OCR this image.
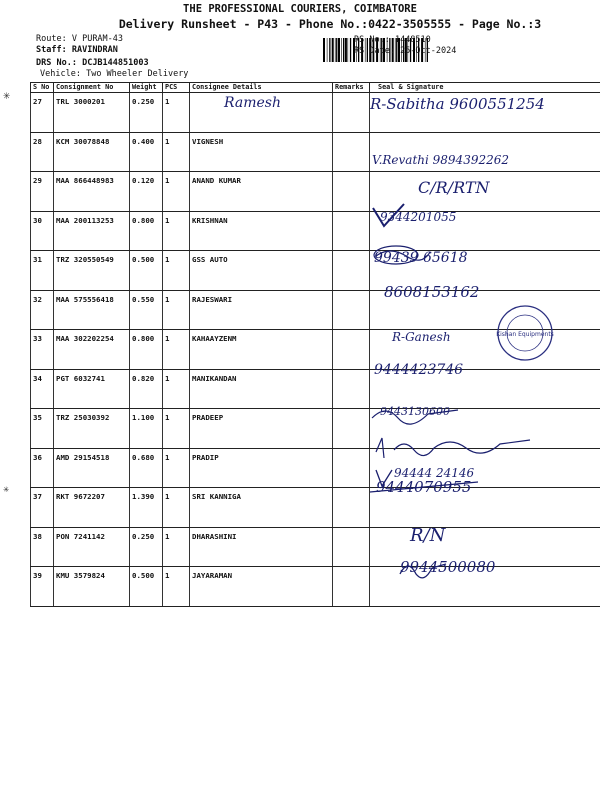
THE PROFESSIONAL COURIERS, COIMBATORE
Delivery Runsheet - P43 - Phone No.:0422-3505555 - Page No.:3
Route: V PURAM-43
Staff: RAVINDRAN
DRS No.: DCJB144851003
Vehicle: Two Wheeler Delivery
RS No.: 1448510
RS Date: 25-Oct-2024
S No	Consignment No	Weight	PCS	Consignee Details	Remarks	Seal & Signature

27	TRL 3000201	0.250	1			

28	KCM 30078848	0.400	1	VIGNESH		

29	MAA 866448983	0.120	1	ANAND KUMAR		

30	MAA 200113253	0.800	1	KRISHNAN		

31	TRZ 320550549	0.500	1	GSS AUTO		

32	MAA 575556418	0.550	1	RAJESWARI		

33	MAA 302202254	0.800	1	KAHAAYZENM		

34	PGT 6032741	0.820	1	MANIKANDAN		

35	TRZ 25030392	1.100	1	PRADEEP		

36	AMD 29154518	0.680	1	PRADIP		

37	RKT 9672207	1.390	1	SRI KANNIGA		

38	PON 7241142	0.250	1	DHARASHINI		

39	KMU 3579824	0.500	1	JAYARAMAN		

Ramesh	R-Sabitha 9600551254
V.Revathi 9894392262
C/R/RTN
9344201055
99439 65618
8608153162
R-Ganesh	Kishan Equipments
9444423746
9443130600
94444 24146
9444070955
R/N
9944500080
✳
✳
